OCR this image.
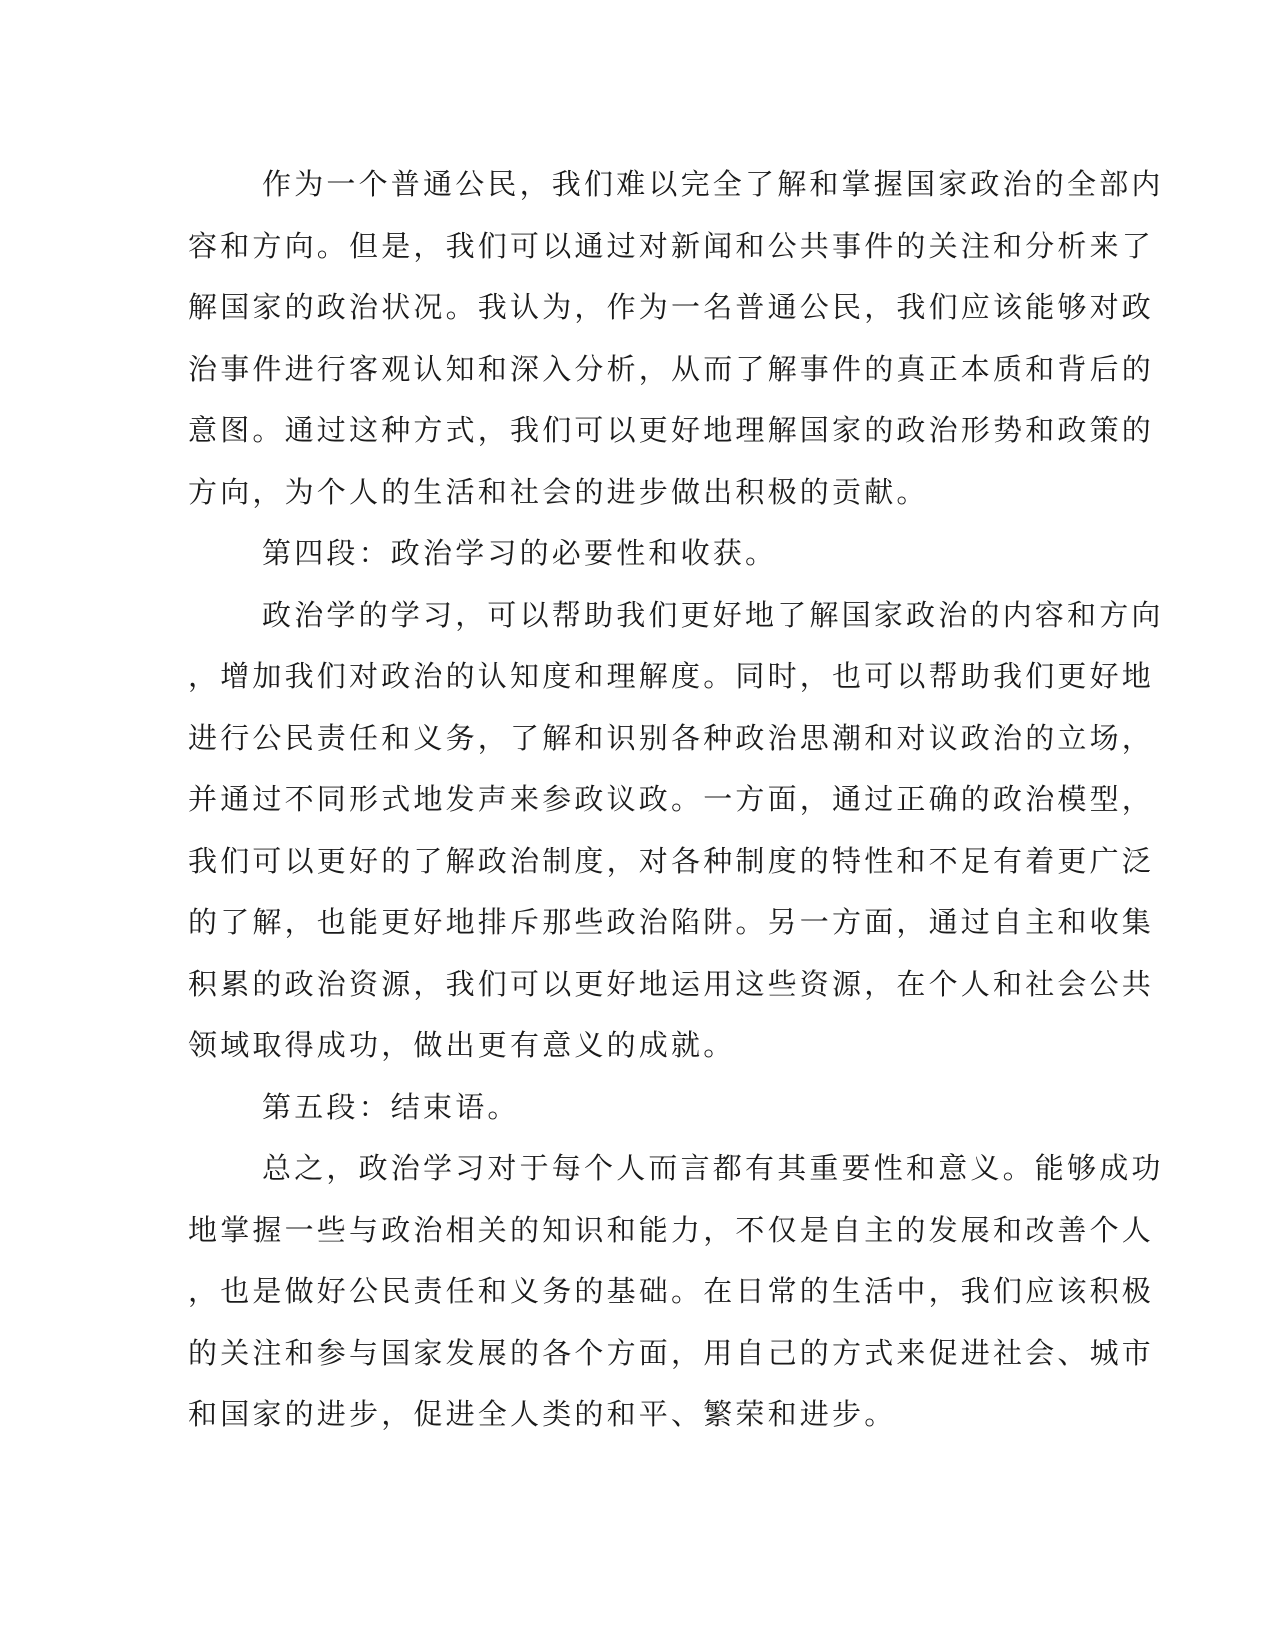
作为一个普通公民，我们难以完全了解和掌握国家政治的全部内
容和方向。但是，我们可以通过对新闻和公共事件的关注和分析来了
解国家的政治状况。我认为，作为一名普通公民，我们应该能够对政
治事件进行客观认知和深入分析，从而了解事件的真正本质和背后的
意图。通过这种方式，我们可以更好地理解国家的政治形势和政策的
方向，为个人的生活和社会的进步做出积极的贡献。
第四段：政治学习的必要性和收获。
政治学的学习，可以帮助我们更好地了解国家政治的内容和方向
，增加我们对政治的认知度和理解度。同时，也可以帮助我们更好地
进行公民责任和义务，了解和识别各种政治思潮和对议政治的立场，
并通过不同形式地发声来参政议政。一方面，通过正确的政治模型，
我们可以更好的了解政治制度，对各种制度的特性和不足有着更广泛
的了解，也能更好地排斥那些政治陷阱。另一方面，通过自主和收集
积累的政治资源，我们可以更好地运用这些资源，在个人和社会公共
领域取得成功，做出更有意义的成就。
第五段：结束语。
总之，政治学习对于每个人而言都有其重要性和意义。能够成功
地掌握一些与政治相关的知识和能力，不仅是自主的发展和改善个人
，也是做好公民责任和义务的基础。在日常的生活中，我们应该积极
的关注和参与国家发展的各个方面，用自己的方式来促进社会、城市
和国家的进步，促进全人类的和平、繁荣和进步。
